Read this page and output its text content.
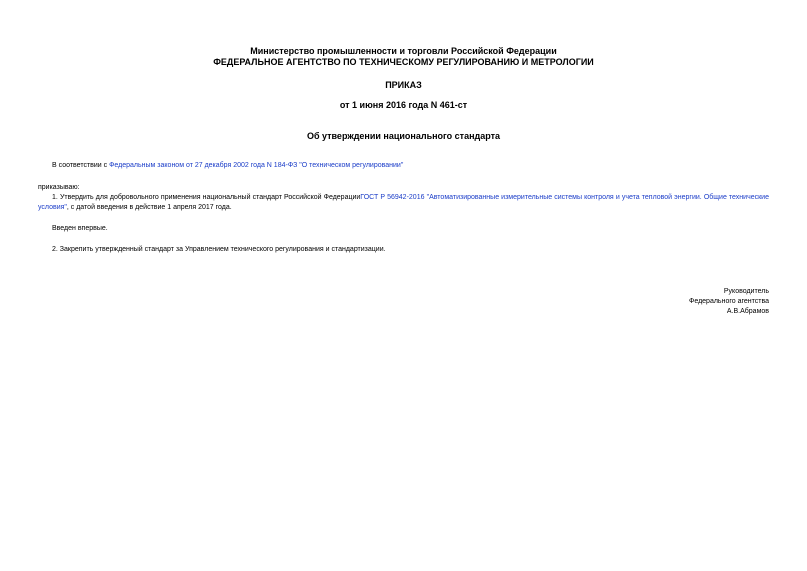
Министерство промышленности и торговли Российской Федерации
ФЕДЕРАЛЬНОЕ АГЕНТСТВО ПО ТЕХНИЧЕСКОМУ РЕГУЛИРОВАНИЮ И МЕТРОЛОГИИ
ПРИКАЗ
от 1 июня 2016 года N 461-ст
Об утверждении национального стандарта
В соответствии с Федеральным законом от 27 декабря 2002 года N 184-ФЗ "О техническом регулировании"
приказываю:
1. Утвердить для добровольного применения национальный стандарт Российской ФедерацииГОСТ Р 56942-2016 "Автоматизированные измерительные системы контроля и учета тепловой энергии. Общие технические условия", с датой введения в действие 1 апреля 2017 года.
Введен впервые.
2. Закрепить утвержденный стандарт за Управлением технического регулирования и стандартизации.
Руководитель
Федерального агентства
А.В.Абрамов
